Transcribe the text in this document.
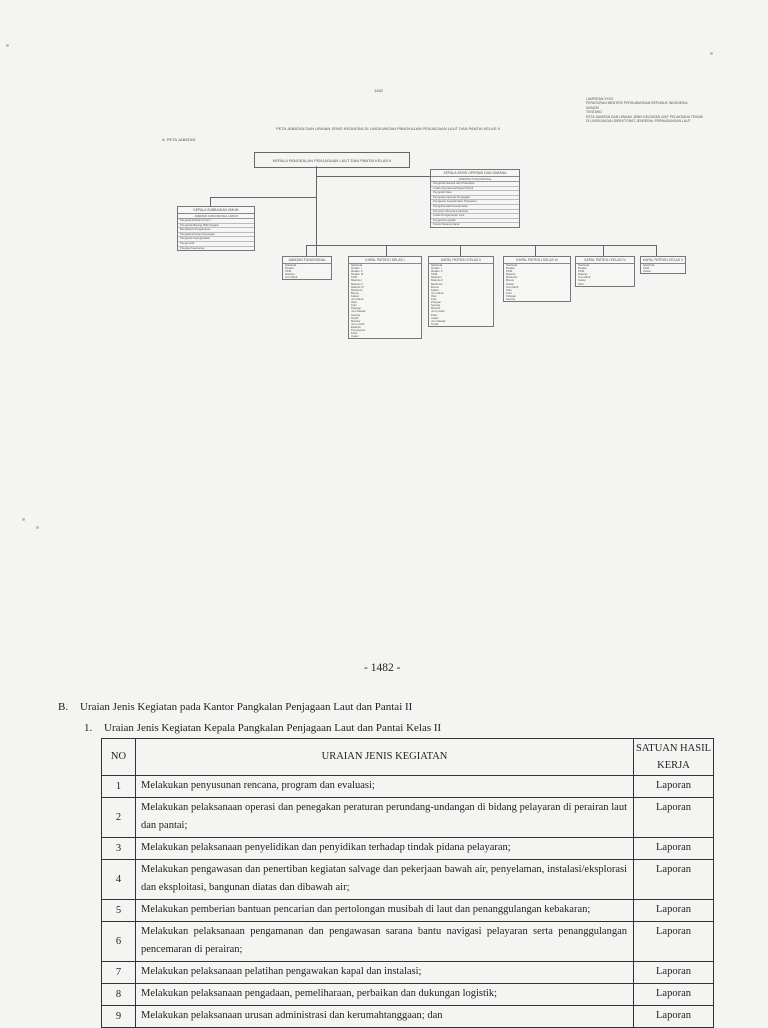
1482
LAMPIRAN XXXII
PERATURAN MENTERI PERHUBUNGAN REPUBLIK INDONESIA
NOMOR
TENTANG
PETA JABATAN DAN URAIAN JENIS KEGIATAN UNIT PELAKSANA TEKNIS
DI LINGKUNGAN DIREKTORAT JENDERAL PERHUBUNGAN LAUT
PETA JABATAN DAN URAIAN JENIS KEGIATAN DI LINGKUNGAN PANGKALAN PENJAGAAN LAUT DAN PANTAI KELAS II
A. PETA JABATAN
KEPALA PANGKALAN PENJAGAAN LAUT DAN PANTAI KELAS II
KEPALA SUBBAGIAN UMUM
JABATAN FUNGSIONAL UMUM
Pengadministrasi Umum
Pengelola Barang Milik Negara
Bendahara Pengeluaran
Pengadministrasi Keuangan
Pengelola Kepegawaian
Pengemudi
Petugas Keamanan
KEPALA SEKSI OPERASI DAN SARANA
JABATAN FUNGSIONAL
Pengelola Sarana dan Prasarana
Analis Operasional Kapal Patroli
Pengolah Data
Pengelola Operasi Penjagaan
Pengawas Keselamatan Pelayaran
Pengelola Alat Keselamatan
Penyusun Rencana Operasi
Analis Pengamanan Laut
Pengelola Logistik
Teknisi Sarana Kapal
JABATAN FUNGSIONAL
Nakhoda
Mualim
KKM
Masinis
Juru Mudi
KAPAL PATROLI KELAS I
Nakhoda
Mualim I
Mualim II
Mualim III
KKM
Masinis I
Masinis II
Masinis III
Markonis
Bosun
Kelasi
Juru Mudi
Oiler
Koki
Pelayan
Juru Masak
Serang
Tandil
Mandor
Juru Listrik
Elektrisi
Pompaman
Fitter
Cadet
KAPAL PATROLI KELAS II
Nakhoda
Mualim I
Mualim II
KKM
Masinis I
Masinis II
Markonis
Bosun
Kelasi
Juru Mudi
Oiler
Koki
Pelayan
Serang
Mandor
Juru Listrik
Fitter
Cadet
Juru Masak
Tandil
KAPAL PATROLI KELAS III
Nakhoda
Mualim
KKM
Masinis
Markonis
Bosun
Kelasi
Juru Mudi
Oiler
Koki
Pelayan
Serang
KAPAL PATROLI KELAS IV
Nakhoda
Mualim
KKM
Masinis
Juru Mudi
Kelasi
Oiler
KAPAL PATROLI KELAS V
Nakhoda
KKM
Kelasi
- 1482 -
B. Uraian Jenis Kegiatan pada Kantor Pangkalan Penjagaan Laut dan Pantai II
1. Uraian Jenis Kegiatan Kepala Pangkalan Penjagaan Laut dan Pantai Kelas II
NO	URAIAN JENIS KEGIATAN	SATUAN HASIL KERJA
1	Melakukan penyusunan rencana, program dan evaluasi;	Laporan
2	Melakukan pelaksanaan operasi dan penegakan peraturan perundang-undangan di bidang pelayaran di perairan laut dan pantai;	Laporan
3	Melakukan pelaksanaan penyelidikan dan penyidikan terhadap tindak pidana pelayaran;	Laporan
4	Melakukan pengawasan dan penertiban kegiatan salvage dan pekerjaan bawah air, penyelaman, instalasi/eksplorasi dan eksploitasi, bangunan diatas dan dibawah air;	Laporan
5	Melakukan pemberian bantuan pencarian dan pertolongan musibah di laut dan penanggulangan kebakaran;	Laporan
6	Melakukan pelaksanaan pengamanan dan pengawasan sarana bantu navigasi pelayaran serta penanggulangan pencemaran di perairan;	Laporan
7	Melakukan pelaksanaan pelatihan pengawakan kapal dan instalasi;	Laporan
8	Melakukan pelaksanaan pengadaan, pemeliharaan, perbaikan dan dukungan logistik;	Laporan
9	Melakukan pelaksanaan urusan administrasi dan kerumahtanggaan; dan	Laporan
